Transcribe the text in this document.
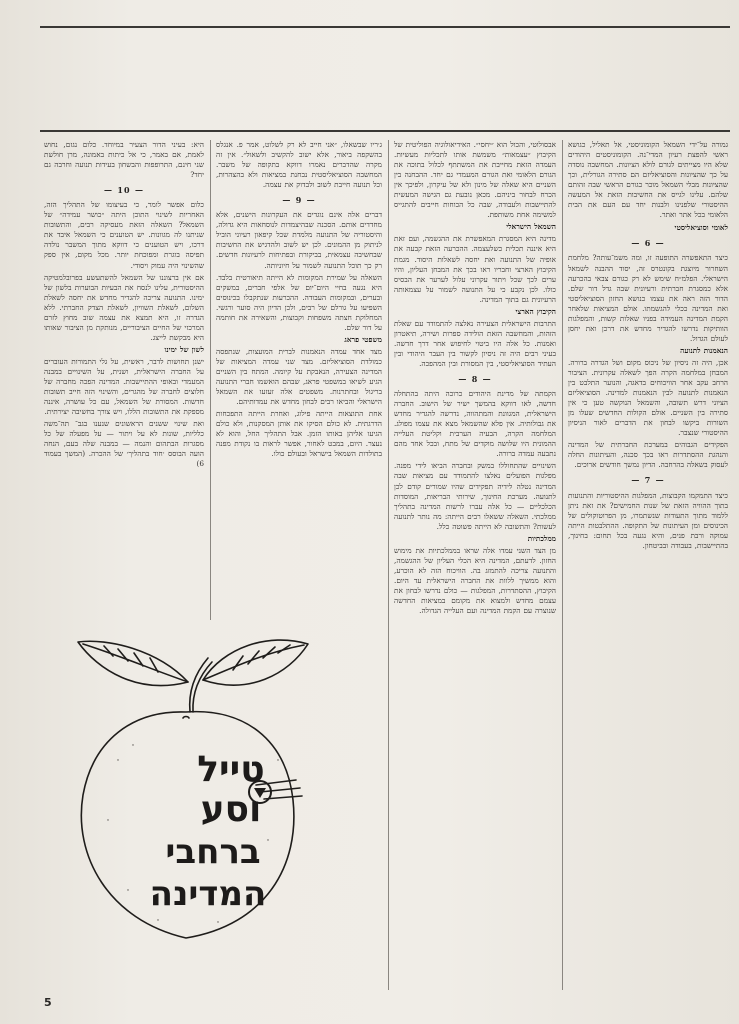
גמורה על־ידי השמאל הקומוניסטי, אל תאליל, כגושא ראשי להפצת רעיון המדי־נה. הקומוניסטים היהודים שלא היו מצייתים לגורם לולא הציונות. המחשבה נוסדה על כך שהציונות והסוציאליזם הם סתירה הגורלית, וכך שהציונות מבלי השמאל מוכר כגורם הראשי שבה זהותם שלהם. עלינו לגייס את החשיבות הזאת אל המעשה ההיסטורי שלפנינו ולבנות יחד עם העם את הבית הלאומי בכל אתר ואתר.

לאומי וסוציאליסטי

— 6 —

כיצד התאפשרה התופעה זו, ומה משמ־עותה? מלחמת השחרור מיוצגת בקונטרס זה, יסוד ההבנה לשמאל הישראלי. הפלמ״ח שימש לא רק כגורם צבאי בהכרעה אלא כמסגרת חברתית ורעיונית שבה גדל דור שלם. הדור הזה ראה את עצמו כנושא החזון הסוציאליסטי ואת המדינה ככלי להגשמתו. אולם המציאות שלאחר הקמת המדינה העמידה בפניו שאלות קשות, והמפלגות הוותיקות נדרשו להגדיר מחדש את דרכן ואת יחסן לעולם הגדול.

הנאמנות לתנועה

אכן, היה זה ניסיון של ניכוס מקום ושל הגדרה ברורה. המבחן במלחמה הקרה הפך לשאלה עקרונית. הציבור הרחב עקב אחר הוויכוחים בדאגה, והנוער התלבט בין הנאמנות לתנועה לבין הנאמנות למדינה. הסוציאליזם הציוני דרש תשובה, והשמאל הנוקשה טען כי אין סתירה בין השניים. אולם הקולות החדשים שעלו מן השורות ביקשו לבחון את הדברים לאור הניסיון ההיסטורי שנצבר.

הפקידים הגבוהים במערכת החברתית של המדינה והנהגת ההסתדרות ראו בכך סכנה, והעיתונות החלה לעסוק בשאלה בהרחבה. הדיון נמשך חודשים ארוכים.

— 7 —

כיצד התמקמו הקבוצות, המפלגות ההיסטוריות והתנועות בתוך ההוויה הזאת של שנות החמישים? את זאת ניתן ללמוד מתוך התעודות שנשתמרו, מן הפרוטוקולים של הכינוסים ומן העיתונות של התקופה. ההתלבטות הייתה עמוקה ורבת פנים, והיא נגעה בכל תחום: בחינוך, בהתיישבות, בעבודה ובביטחון.

אבסולוטי, והכול הוא ״יחסי״. האידיאולוגיה הפוליטית של הקיבוץ ״עצמאות״ משמשת אותו לתכליות מעשיות. העמדה הזאת מחייבת את המשתתף לכלול בתוכה את הגורם הלאומי ואת הגורם המעמדי גם יחד. ההבחנה בין השניים היא שאלה של מינון ולא של עיקרון, ולפיכך אין הכרח לבחור ביניהם. מכאן נובעת גם הגישה המעשית להתיישבות ולעבודה, שבה כל הכוחות חייבים להתגייס למשימה אחת משותפת.

השמאל הישראלי

מדינה היא המסגרת המאפשרת את ההגשמה, ועם זאת היא איננה תכלית כשלעצמה. ההכרעה הזאת קבעה את אופיה של התנועה ואת יחסה לשאלות היסוד. מגמת הקיבוץ הארצי וחבריו ראו בכך את המבחן העליון, והיו ערים לכך שכל ויתור עקרוני עלול לערער את הבסיס כולו. לכן נקבע כי על התנועה לשמור על עצמאותה הרעיונית גם בתוך המדינה.

הקיבוץ הארצי

התרבות הישראלית הצעירה נאלצה להתמודד עם שאלת הזהות, והמחשבה הזאת הולידה ספרות ושירה, תיאטרון ואמנות. כל אלה היו ביטוי לחיפוש אחר דרך חדשה. בעיני רבים היה זה ניסיון לקשור בין העבר היהודי ובין העתיד הסוציאליסטי, בין המסורת ובין המהפכה.

— 8 —

הקמתה של מדינת היהודים כרוכה היתה בהתחלה חדשה, לאו דווקא בהמשך ישיר של הישוב. החברה הישראלית, המגוונת והמתהווה, נדרשה להגדיר מחדש את גבולותיה. אין פלא שהשמאל מצא את עצמו מפולג. המלחמה הקרה, הבעיה הערבית וקליטת העלייה ההמונית היו שלושה מוקדים של מתח, ובכל אחד מהם נתבעה עמדה ברורה.

השינויים שהתחוללו במשק ובחברה הביאו לידי מפנה. מפלגות הפועלים נאלצו להתמודד עם מציאות שבה המדינה נטלה לידיה תפקידים שהיו שמורים קודם לכן לתנועה. מערכת החינוך, שירותי הבריאות, המוסדות הכלכליים — כל אלה עברו לרשות המדינה בתהליך ממלכתי. השאלה ששאלו רבים הייתה: מה נותר לתנועה לעשות? והתשובה לא הייתה פשוטה כלל.

ממלכתיות

מן הצד השני עמדו אלה שראו בממלכתיות את מימוש החזון. לדעתם, המדינה היא הכלי העליון של ההגשמה, והתנועה צריכה להתמזג בה. הוויכוח הזה לא הוכרע, והוא ממשיך ללוות את החברה הישראלית עד היום. הקיבוץ, ההסתדרות, המפלגות — כולם נדרשו לבחון את עצמם מחדש ולמצוא את מקומם במציאות החדשה שנוצרה עם הקמת המדינה ועם העלייה הגדולה.

ג׳ריו שבשאלו, ״אני חייב לא רק לשלוט, אמר פ. אנגלס בהשקפה ביאור, אלא ישוב להקשיב ולשאול״. אין זה מקרה שהדברים נאמרו דווקא בתקופה של משבר. המחשבה הסוציאליסטית נבחנת במציאות ולא בהצהרות, וכל תנועה חייבת לשוב ולבדוק את עצמה.

— 9 —

דברים אלה אינם נוגדים את העקרונות הישנים, אלא מחדדים אותם. הסכנה שבהיצמדות לנוסחאות היא גדולה, והיסטוריה של התנועה מלמדת שכל קיפאון רעיוני הוביל לניתוק מן ההמונים. לכן יש לשוב ולהדגיש את החשיבות שבחשיבה עצמאית, בביקורת ובפתיחות לרעיונות חדשים. רק כך תוכל התנועה לשמור על חיוניותה.

השאלה על שמירת המקומות לא הייתה תיאורטית בלבד. היא נגעה בחיי היום־יום של אלפי חברים, במשקים ובערים, ובמקומות העבודה. ההכרעות שנתקבלו בכינוסים השפיעו על גורלם של רבים, ולכן הדיון היה סוער ורגשי. המחלוקת חצתה משפחות וקבוצות, והשאירה את חותמה על דור שלם.

משפטי פראג

מצד אחד עמדה הנאמנות לברית המועצות, שנתפסה כמולדת הסוציאליזם. מצד שני עמדה המציאות של המדינה הצעירה, הנאבקת על קיומה. המתח בין השניים הגיע לשיאו במשפטי פראג, שבהם הואשמו חברי התנועה בריגול ובחתרנות. משפטים אלה זעזעו את השמאל הישראלי והביאו רבים לבחון מחדש את עמדותיהם.

אחת התוצאות הייתה פילוג, ואחרת הייתה התפכחות הדרגתית. לא כולם הסיקו את אותן המסקנות, ולא כולם הגיעו אליהן באותו הזמן. אבל התהליך החל, והוא לא נעצר. היום, במבט לאחור, אפשר לראות בו נקודת מפנה בתולדות השמאל בישראל ובעולם כולו.

היא: בעיני הדור הצעיר במיוחד. כלום נגזם, נחוש לאמת, אם באמר, כי אל כיתות באמונה, מרן חולשת שני חינם, התרופפות והבשחון בעידות תנועה וחרבה גם יחד?

— 10 —

כלום אפשר לומר, כי בעיצומו של התהליך הזה, האחריות לשינוי התוכן היתה ״כושר עמידה״ של השמאל? השאלה הזאת מעסיקה רבים, והתשובות שניתנו לה מגוונות. יש הטוענים כי השמאל איבד את דרכו, ויש הטוענים כי דווקא מתוך המשבר נולדה תפיסה בוגרת ומפוכחת יותר. מכל מקום, אין ספק שהשינוי היה עמוק ויסודי.

אם אין ברצוננו של השמאל להשתעשע בפרובלמטיקה ההיסטורית, עלינו לנסח את הבעיות הבוערות בלשון של ימינו. התנועה צריכה להגדיר מחדש את יחסה לשאלת השלום, לשאלת השוויון, לשאלת הצדק החברתי. ללא הגדרה זו, היא תמצא את עצמה שוב מחוץ לזרם המרכזי של החיים הציבוריים, מנותקת מן הציבור שאותו היא מבקשת לייצג.

לשון של ימינו

ישנן תחושות לדבר, ראשית, על גלי התמורות העוברים על החברה הישראלית, ושנית, על השינויים במבנה המעמדי ובאופי ההתיישבות. המדינה הפכה מחברה של חלוצים לחברה של מהגרים, והשינוי הזה חייב תשובות חדשות. המסורת של השמאל, עם כל עושרה, איננה מספקת את התשובות הללו, ויש צורך בחשיבה יצירתית.

ואת שינוי ששנים הראשונים שנענו בגב־ תה־משה כלליות, שונות לא על ויתור — על מפעלה של כל מסגרות הבתהום והנמה — במבנה שלה בעם, הנחה הועה הבוסס ׳חוד בתהליך׳ של ההכרה. (המשך בעמוד 6)

טייל
וסע
ברחבי
המדינה
5
